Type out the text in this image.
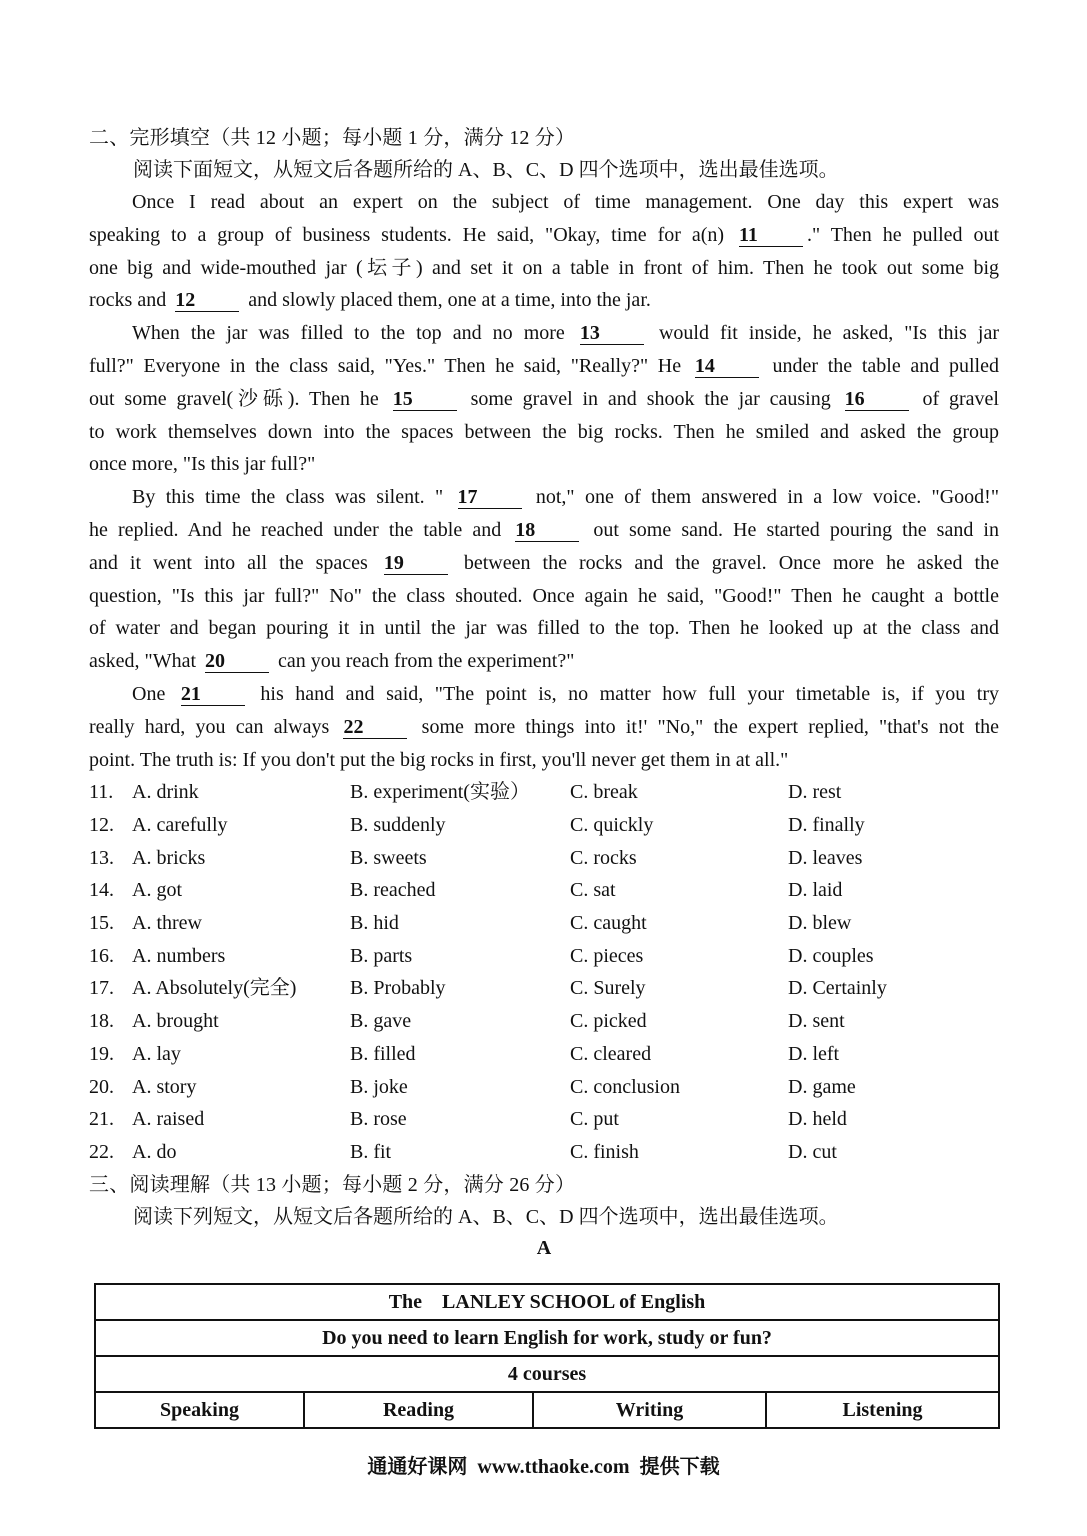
二、完形填空（共 12 小题；每小题 1 分，满分 12 分）
阅读下面短文，从短文后各题所给的 A、B、C、D 四个选项中，选出最佳选项。
Once I read about an expert on the subject of time management. One day this expert was
speaking to a group of business students. He said, "Okay, time for a(n) 11 ." Then he pulled out
one big and wide-mouthed jar (坛子) and set it on a table in front of him. Then he took out some big
rocks and 12 and slowly placed them, one at a time, into the jar.
When the jar was filled to the top and no more 13 would fit inside, he asked, "Is this jar
full?" Everyone in the class said, "Yes." Then he said, "Really?" He 14 under the table and pulled
out some gravel(沙砾). Then he 15 some gravel in and shook the jar causing 16 of gravel
to work themselves down into the spaces between the big rocks. Then he smiled and asked the group
once more, "Is this jar full?"
By this time the class was silent. " 17 not," one of them answered in a low voice. "Good!"
he replied. And he reached under the table and 18 out some sand. He started pouring the sand in
and it went into all the spaces 19 between the rocks and the gravel. Once more he asked the
question, "Is this jar full?" No" the class shouted. Once again he said, "Good!" Then he caught a bottle
of water and began pouring it in until the jar was filled to the top. Then he looked up at the class and
asked, "What 20 can you reach from the experiment?"
One 21 his hand and said, "The point is, no matter how full your timetable is, if you try
really hard, you can always 22 some more things into it!' "No," the expert replied, "that's not the
point. The truth is: If you don't put the big rocks in first, you'll never get them in at all."
11. A. drink	B. experiment(实验） C. break	D. rest
12. A. carefully	B. suddenly	C. quickly	D. finally
13. A. bricks	B. sweets	C. rocks	D. leaves
14. A. got	B. reached	C. sat	D. laid
15. A. threw	B. hid	C. caught	D. blew
16. A. numbers	B. parts	C. pieces	D. couples
17. A. Absolutely(完全)	B. Probably	C. Surely	D. Certainly
18. A. brought	B. gave	C. picked	D. sent
19. A. lay	B. filled	C. cleared	D. left
20. A. story	B. joke	C. conclusion	D. game
21. A. raised	B. rose	C. put	D. held
22. A. do	B. fit	C. finish	D. cut
三、阅读理解（共 13 小题；每小题 2 分，满分 26 分）
阅读下列短文，从短文后各题所给的 A、B、C、D 四个选项中，选出最佳选项。
A
The    LANLEY SCHOOL of English
Do you need to learn English for work, study or fun?
4 courses
Speaking	Reading	Writing	Listening
通通好课网  www.tthaoke.com  提供下载
